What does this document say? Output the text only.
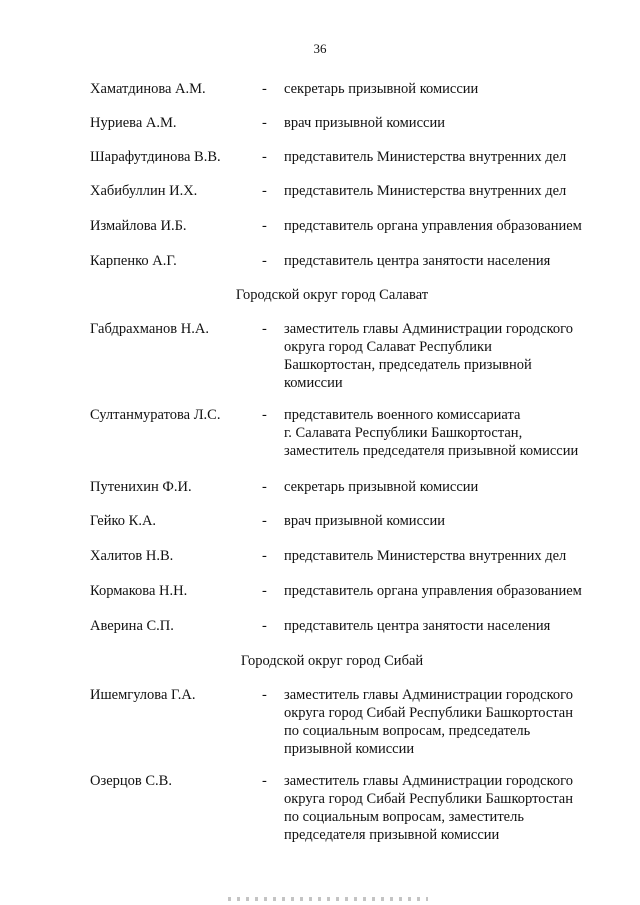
36
Хаматдинова А.М.	- секретарь призывной комиссии
Нуриева А.М.	- врач призывной комиссии
Шарафутдинова В.В.	- представитель Министерства внутренних дел
Хабибуллин И.Х.	- представитель Министерства внутренних дел
Измайлова И.Б.	- представитель органа управления образованием
Карпенко А.Г.	- представитель центра занятости населения
Городской округ город Салават
Габдрахманов Н.А.	- заместитель главы Администрации городского
округа город Салават Республики
Башкортостан, председатель призывной
комиссии
Султанмуратова Л.С.	- представитель военного комиссариата
г. Салавата Республики Башкортостан,
заместитель председателя призывной комиссии
Путенихин Ф.И.	- секретарь призывной комиссии
Гейко К.А.	- врач призывной комиссии
Халитов Н.В.	- представитель Министерства внутренних дел
Кормакова Н.Н.	- представитель органа управления образованием
Аверина С.П.	- представитель центра занятости населения
Городской округ город Сибай
Ишемгулова Г.А.	- заместитель главы Администрации городского
округа город Сибай Республики Башкортостан
по социальным вопросам, председатель
призывной комиссии
Озерцов С.В.	- заместитель главы Администрации городского
округа город Сибай Республики Башкортостан
по социальным вопросам, заместитель
председателя призывной комиссии
